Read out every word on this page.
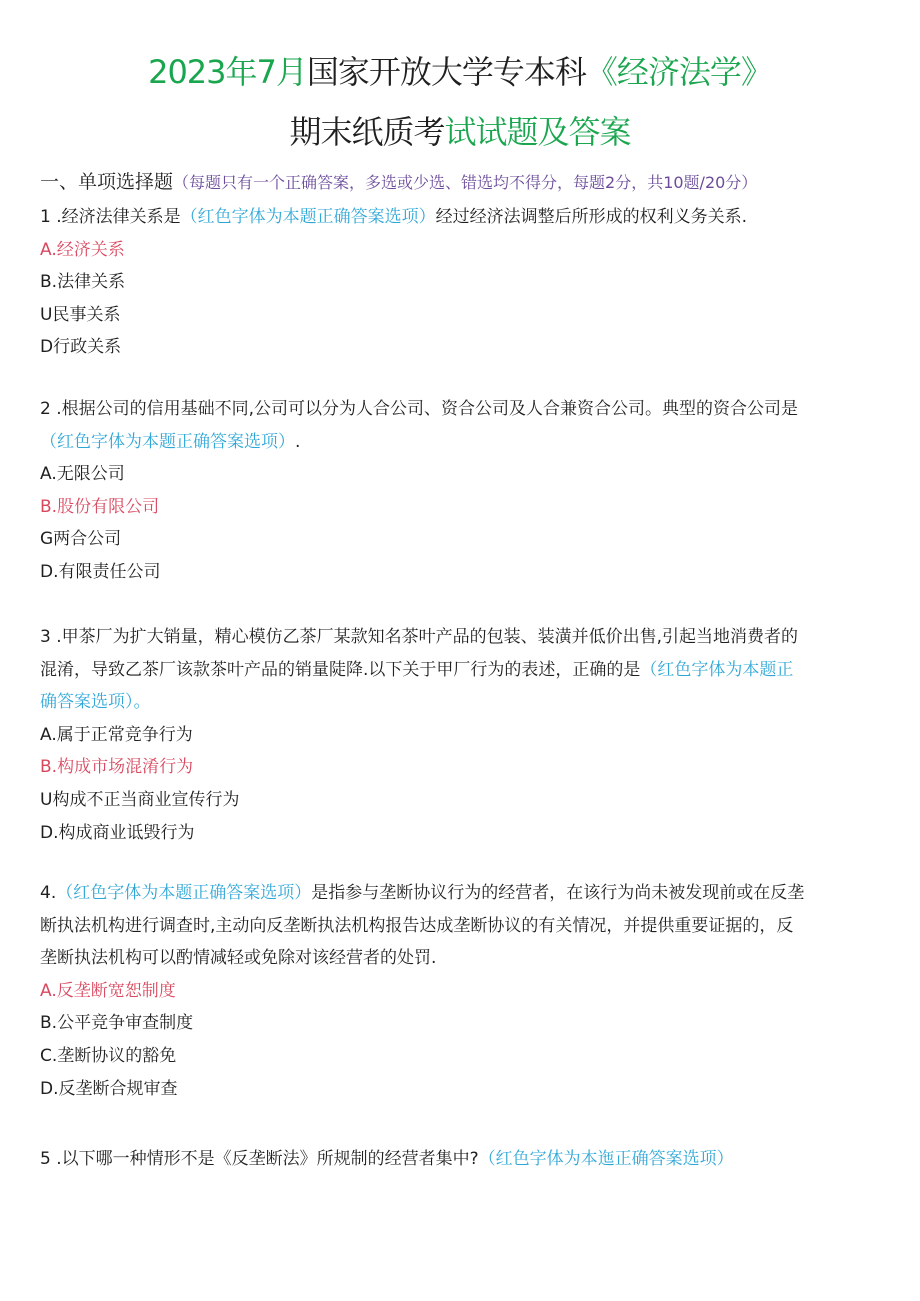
2023年7月国家开放大学专本科《经济法学》
期末纸质考试试题及答案
一、单项选择题（每题只有一个正确答案，多选或少选、错选均不得分，每题2分，共10题/20分）
1 .经济法律关系是（红色字体为本题正确答案选项）经过经济法调整后所形成的权利义务关系.
A.经济关系
B.法律关系
U民事关系
D行政关系
2 .根据公司的信用基础不同,公司可以分为人合公司、资合公司及人合兼资合公司。典型的资合公司是
（红色字体为本题正确答案选项）.
A.无限公司
B.股份有限公司
G两合公司
D.有限责任公司
3 .甲茶厂为扩大销量，精心模仿乙茶厂某款知名茶叶产品的包装、装潢并低价出售,引起当地消费者的
混淆，导致乙茶厂该款茶叶产品的销量陡降.以下关于甲厂行为的表述，正确的是（红色字体为本题正
确答案选项）。
A.属于正常竞争行为
B.构成市场混淆行为
U构成不正当商业宣传行为
D.构成商业诋毁行为
4.（红色字体为本题正确答案选项）是指参与垄断协议行为的经营者，在该行为尚未被发现前或在反垄
断执法机构进行调查时,主动向反垄断执法机构报告达成垄断协议的有关情况，并提供重要证据的，反
垄断执法机构可以酌情减轻或免除对该经营者的处罚.
A.反垄断宽恕制度
B.公平竞争审查制度
C.垄断协议的豁免
D.反垄断合规审查
5 .以下哪一种情形不是《反垄断法》所规制的经营者集中?（红色字体为本迤正确答案选项）
